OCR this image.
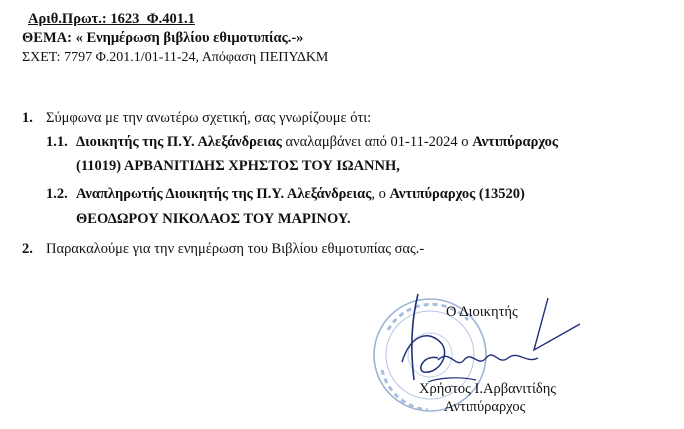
Αριθ.Πρωτ.: 1623 Φ.401.1
ΘΕΜΑ: « Ενημέρωση βιβλίου εθιμοτυπίας.-»
ΣΧΕΤ: 7797 Φ.201.1/01-11-24, Απόφαση ΠΕΠΥΔΚΜ
1. Σύμφωνα με την ανωτέρω σχετική, σας γνωρίζουμε ότι:
1.1. Διοικητής της Π.Υ. Αλεξάνδρειας αναλαμβάνει από 01-11-2024 ο Αντιπύραρχος
(11019) ΑΡΒΑΝΙΤΙΔΗΣ ΧΡΗΣΤΟΣ ΤΟΥ ΙΩΑΝΝΗ,
1.2. Αναπληρωτής Διοικητής της Π.Υ. Αλεξάνδρειας, ο Αντιπύραρχος (13520)
ΘΕΟΔΩΡΟΥ ΝΙΚΟΛΑΟΣ ΤΟΥ ΜΑΡΙΝΟΥ.
2. Παρακαλούμε για την ενημέρωση του Βιβλίου εθιμοτυπίας σας.-
Ο Διοικητής
Χρήστος Ι.Αρβανιτίδης
Αντιπύραρχος
